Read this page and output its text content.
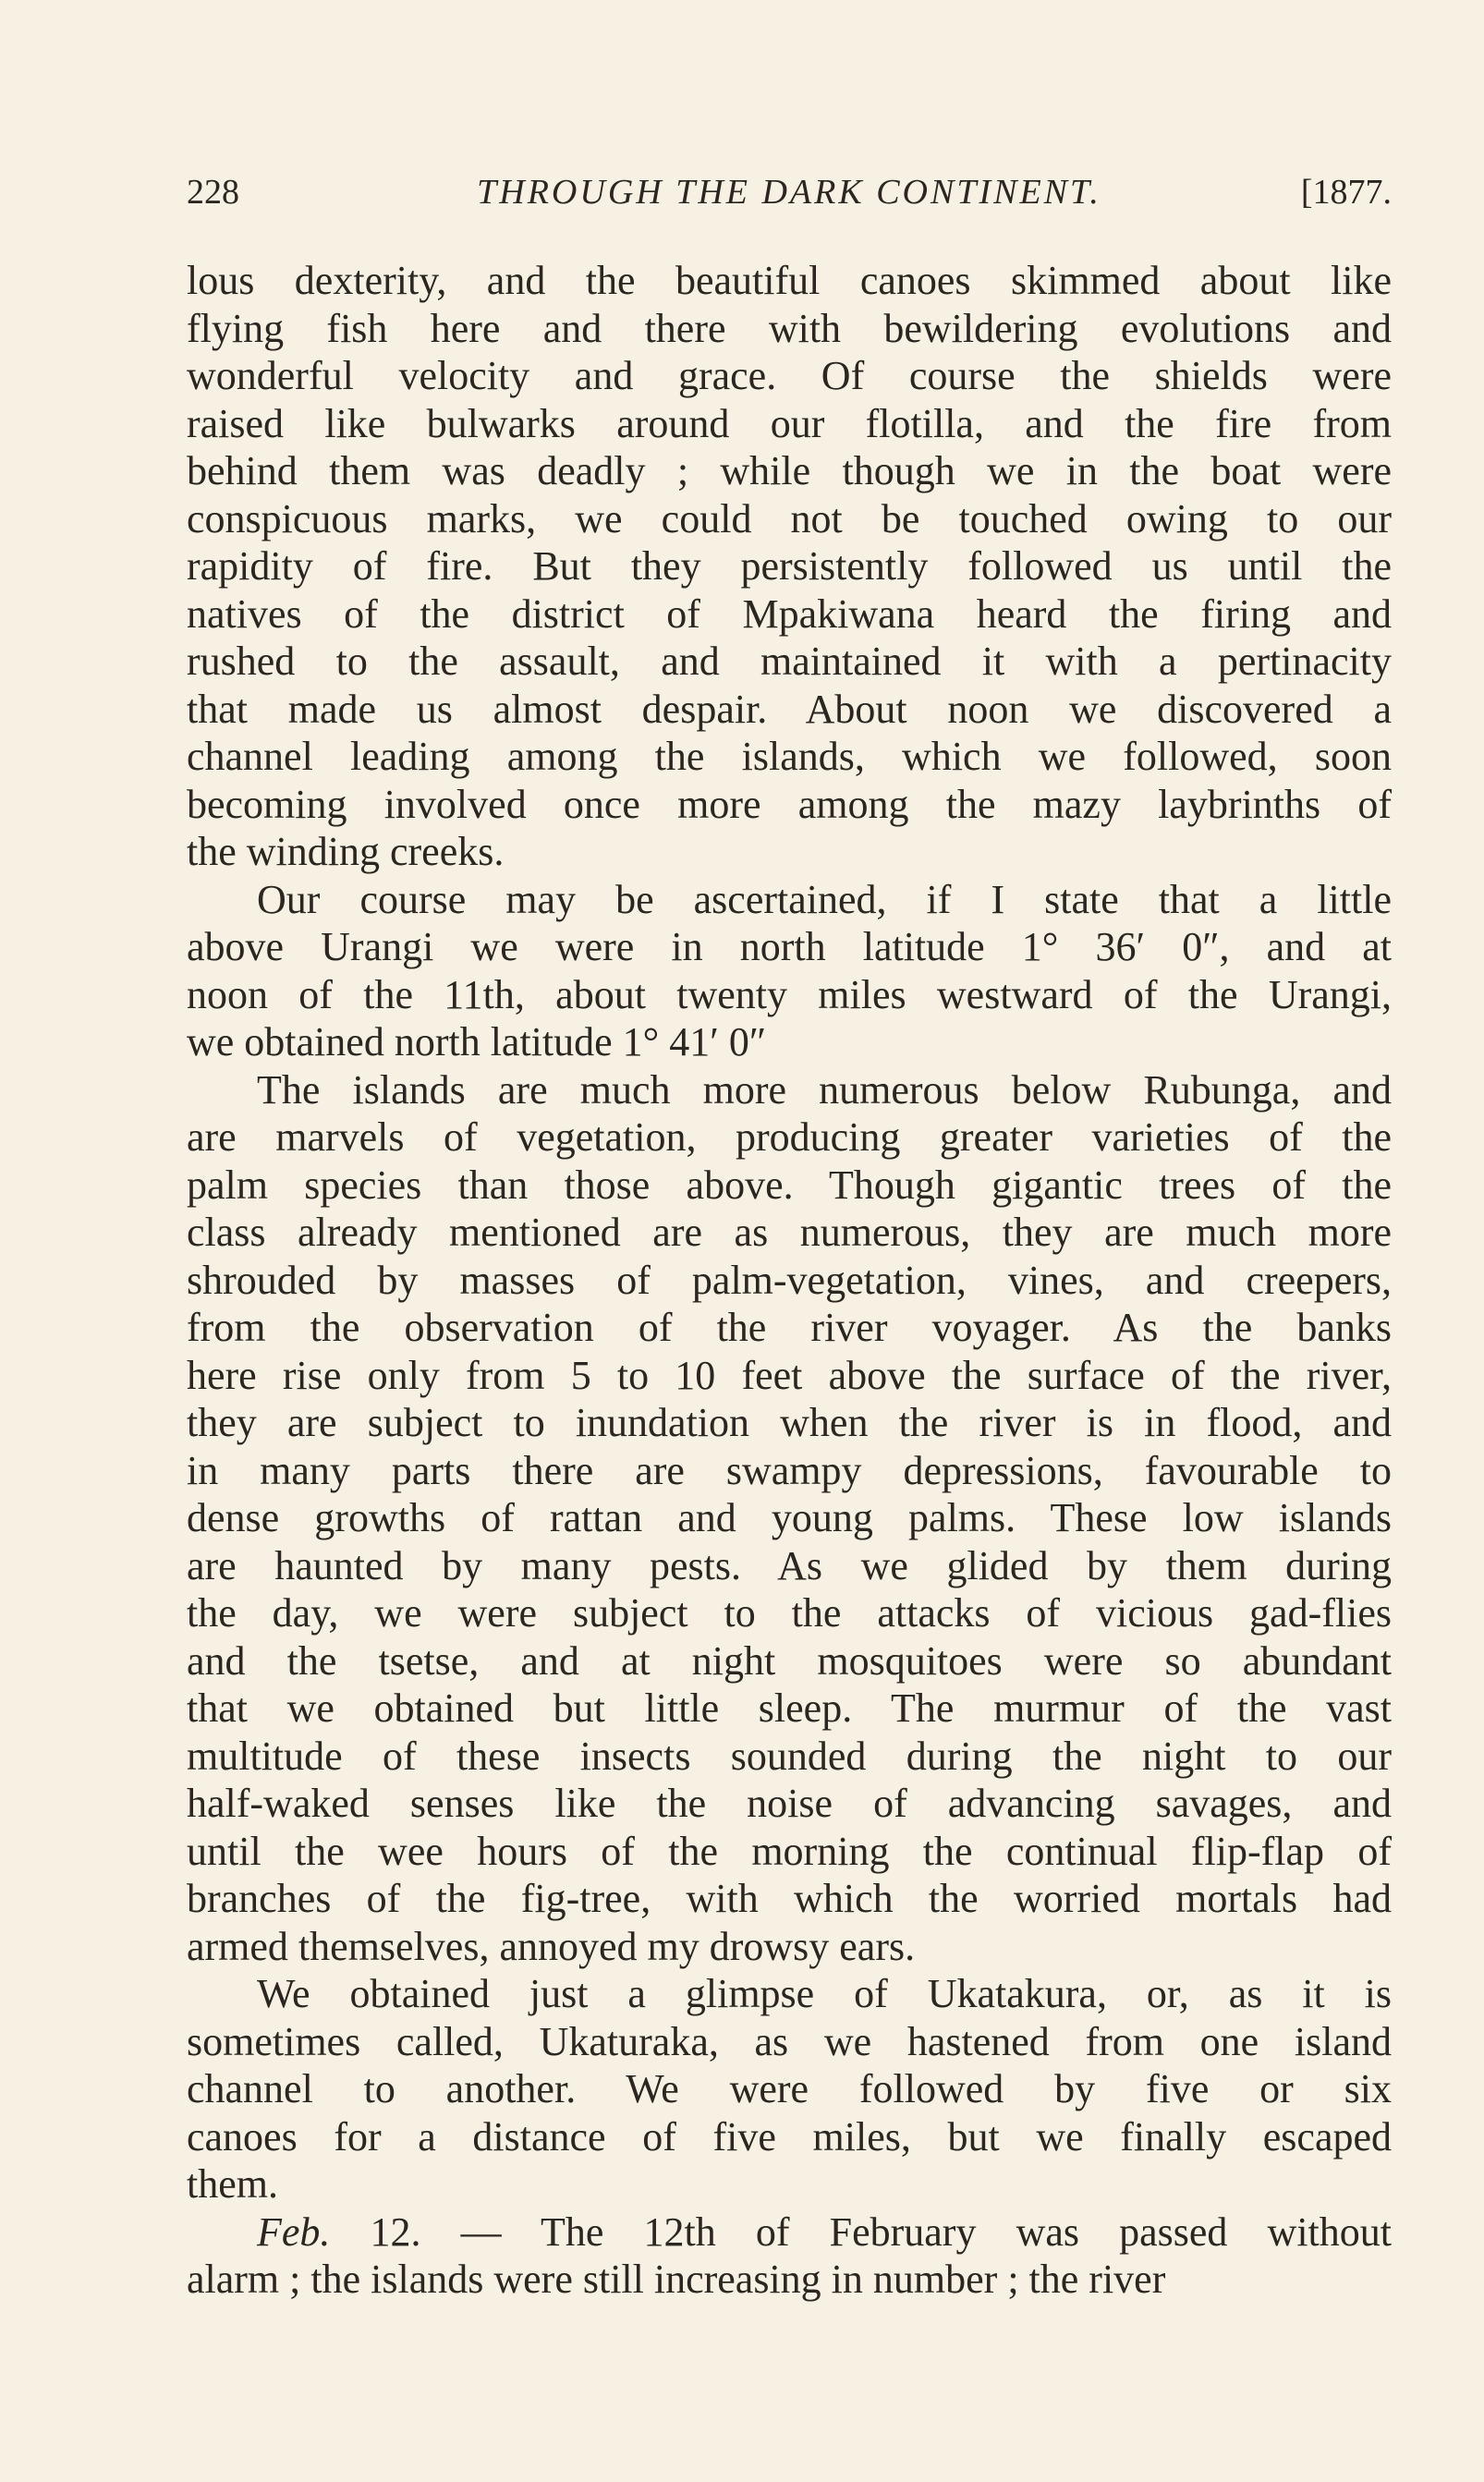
228	THROUGH THE DARK CONTINENT.	[1877.
lous dexterity, and the beautiful canoes skimmed about like
flying fish here and there with bewildering evolutions and
wonderful velocity and grace. Of course the shields were
raised like bulwarks around our flotilla, and the fire from
behind them was deadly ; while though we in the boat were
conspicuous marks, we could not be touched owing to our
rapidity of fire. But they persistently followed us until the
natives of the district of Mpakiwana heard the firing and
rushed to the assault, and maintained it with a pertinacity
that made us almost despair. About noon we discovered a
channel leading among the islands, which we followed, soon
becoming involved once more among the mazy laybrinths of
the winding creeks.
Our course may be ascertained, if I state that a little
above Urangi we were in north latitude 1° 36′ 0″, and at
noon of the 11th, about twenty miles westward of the Urangi,
we obtained north latitude 1° 41′ 0″
The islands are much more numerous below Rubunga, and
are marvels of vegetation, producing greater varieties of the
palm species than those above. Though gigantic trees of the
class already mentioned are as numerous, they are much more
shrouded by masses of palm-vegetation, vines, and creepers,
from the observation of the river voyager. As the banks
here rise only from 5 to 10 feet above the surface of the river,
they are subject to inundation when the river is in flood, and
in many parts there are swampy depressions, favourable to
dense growths of rattan and young palms. These low islands
are haunted by many pests. As we glided by them during
the day, we were subject to the attacks of vicious gad-flies
and the tsetse, and at night mosquitoes were so abundant
that we obtained but little sleep. The murmur of the vast
multitude of these insects sounded during the night to our
half-waked senses like the noise of advancing savages, and
until the wee hours of the morning the continual flip-flap of
branches of the fig-tree, with which the worried mortals had
armed themselves, annoyed my drowsy ears.
We obtained just a glimpse of Ukatakura, or, as it is
sometimes called, Ukaturaka, as we hastened from one island
channel to another. We were followed by five or six
canoes for a distance of five miles, but we finally escaped
them.
Feb. 12. — The 12th of February was passed without
alarm ; the islands were still increasing in number ; the river
